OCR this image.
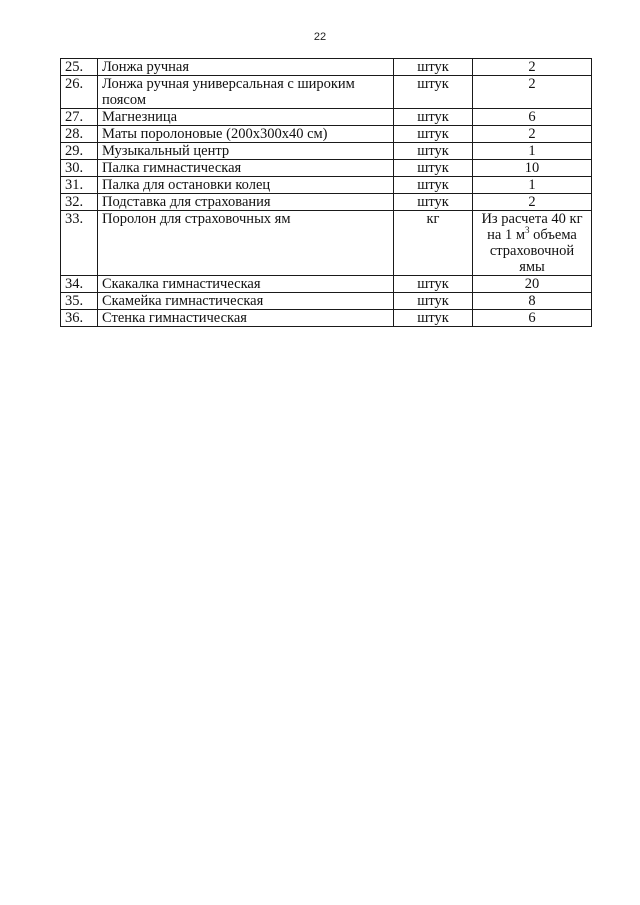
22
25.	Лонжа ручная	штук	2
26.	Лонжа ручная универсальная с широким поясом	штук	2
27.	Магнезница	штук	6
28.	Маты поролоновые (200х300х40 см)	штук	2
29.	Музыкальный центр	штук	1
30.	Палка гимнастическая	штук	10
31.	Палка для остановки колец	штук	1
32.	Подставка для страхования	штук	2
33.	Поролон для страховочных ям	кг	Из расчета 40 кг
на 1 $м^3$ объема
страховочной
ямы

34.	Скакалка гимнастическая	штук	20
35.	Скамейка гимнастическая	штук	8
36.	Стенка гимнастическая	штук	6
